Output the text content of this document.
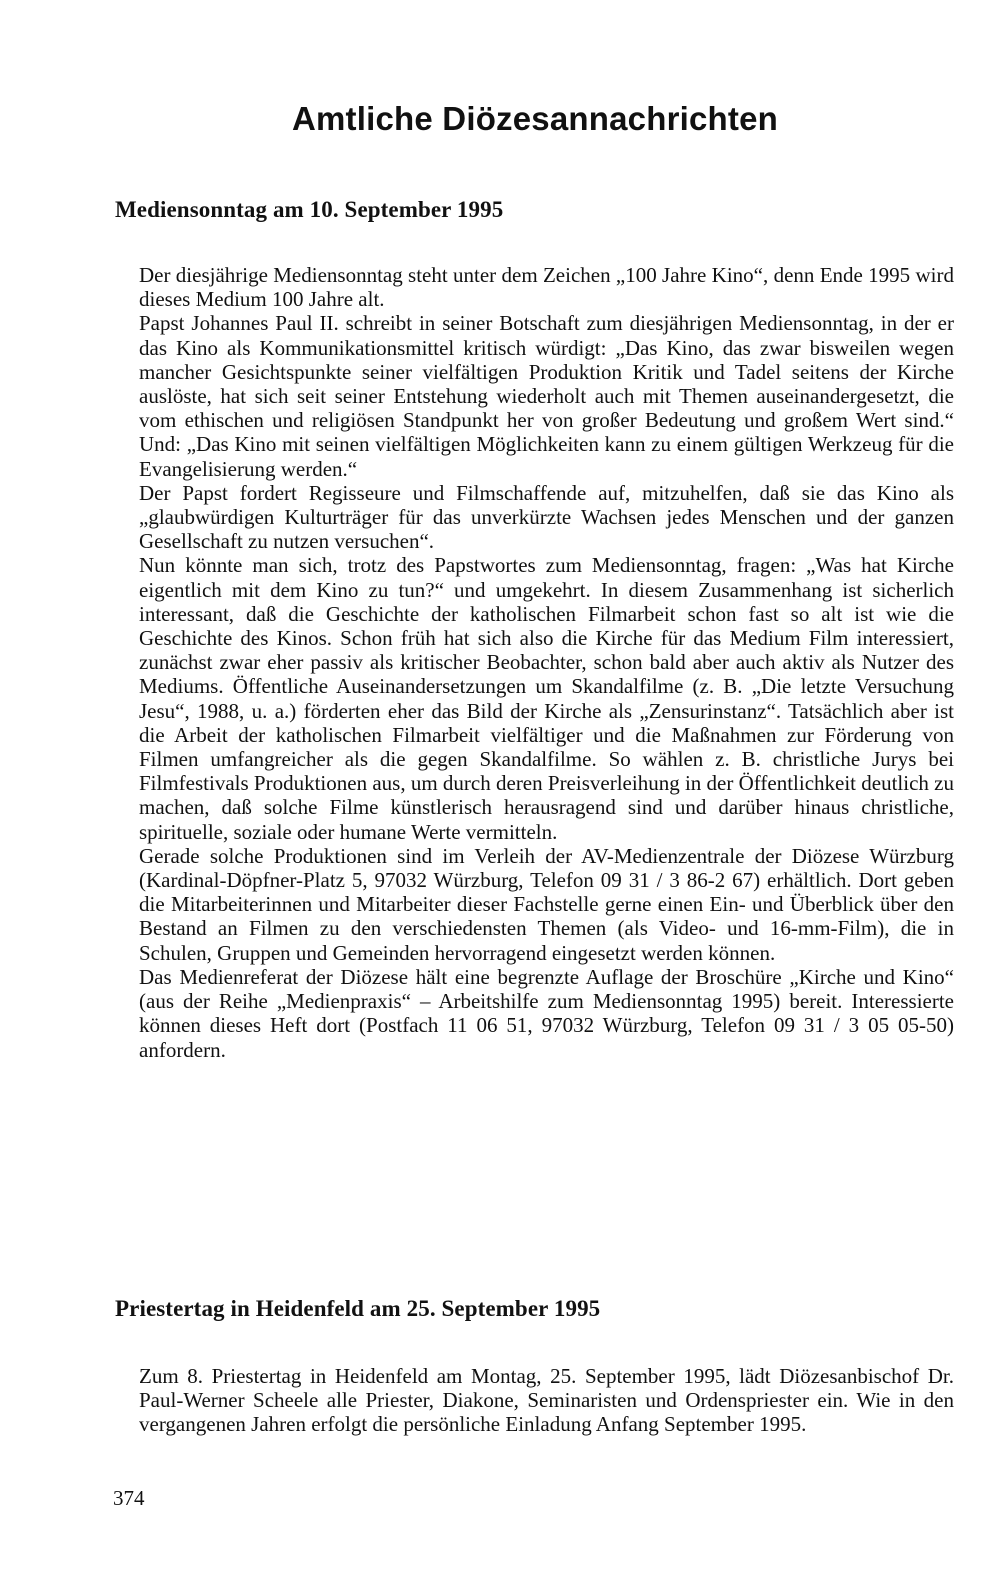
Amtliche Diözesannachrichten
Mediensonntag am 10. September 1995

Der diesjährige Mediensonntag steht unter dem Zeichen „100 Jahre Kino“, denn Ende 1995 wird dieses Medium 100 Jahre alt.

Papst Johannes Paul II. schreibt in seiner Botschaft zum diesjährigen Mediensonntag, in der er das Kino als Kommunikationsmittel kritisch würdigt: „Das Kino, das zwar bisweilen wegen mancher Gesichtspunkte seiner vielfältigen Produktion Kritik und Tadel seitens der Kirche auslöste, hat sich seit seiner Entstehung wiederholt auch mit Themen auseinandergesetzt, die vom ethischen und religiösen Standpunkt her von großer Bedeutung und großem Wert sind.“ Und: „Das Kino mit seinen vielfältigen Möglichkeiten kann zu einem gültigen Werkzeug für die Evangelisierung werden.“

Der Papst fordert Regisseure und Filmschaffende auf, mitzuhelfen, daß sie das Kino als „glaubwürdigen Kulturträger für das unverkürzte Wachsen jedes Menschen und der ganzen Gesellschaft zu nutzen versuchen“.

Nun könnte man sich, trotz des Papstwortes zum Mediensonntag, fragen: „Was hat Kirche eigentlich mit dem Kino zu tun?“ und umgekehrt. In diesem Zusammenhang ist sicherlich interessant, daß die Geschichte der katholischen Filmarbeit schon fast so alt ist wie die Geschichte des Kinos. Schon früh hat sich also die Kirche für das Medium Film interessiert, zunächst zwar eher passiv als kritischer Beobachter, schon bald aber auch aktiv als Nutzer des Mediums. Öffentliche Auseinandersetzungen um Skandalfilme (z. B. „Die letzte Versuchung Jesu“, 1988, u. a.) förderten eher das Bild der Kirche als „Zensurinstanz“. Tatsächlich aber ist die Arbeit der katholischen Filmarbeit vielfältiger und die Maßnahmen zur Förderung von Filmen umfangreicher als die gegen Skandalfilme. So wählen z. B. christliche Jurys bei Filmfestivals Produktionen aus, um durch deren Preisverleihung in der Öffentlichkeit deutlich zu machen, daß solche Filme künstlerisch herausragend sind und darüber hinaus christliche, spirituelle, soziale oder humane Werte vermitteln.

Gerade solche Produktionen sind im Verleih der AV-Medienzentrale der Diözese Würzburg (Kardinal-Döpfner-Platz 5, 97032 Würzburg, Telefon 09 31 / 3 86-2 67) erhältlich. Dort geben die Mitarbeiterinnen und Mitarbeiter dieser Fachstelle gerne einen Ein- und Überblick über den Bestand an Filmen zu den verschiedensten Themen (als Video- und 16-mm-Film), die in Schulen, Gruppen und Gemeinden hervorragend eingesetzt werden können.

Das Medienreferat der Diözese hält eine begrenzte Auflage der Broschüre „Kirche und Kino“ (aus der Reihe „Medienpraxis“ – Arbeitshilfe zum Mediensonntag 1995) bereit. Interessierte können dieses Heft dort (Postfach 11 06 51, 97032 Würzburg, Telefon 09 31 / 3 05 05-50) anfordern.

Priestertag in Heidenfeld am 25. September 1995

Zum 8. Priestertag in Heidenfeld am Montag, 25. September 1995, lädt Diözesanbischof Dr. Paul-Werner Scheele alle Priester, Diakone, Seminaristen und Ordenspriester ein. Wie in den vergangenen Jahren erfolgt die persönliche Einladung Anfang September 1995.

374
